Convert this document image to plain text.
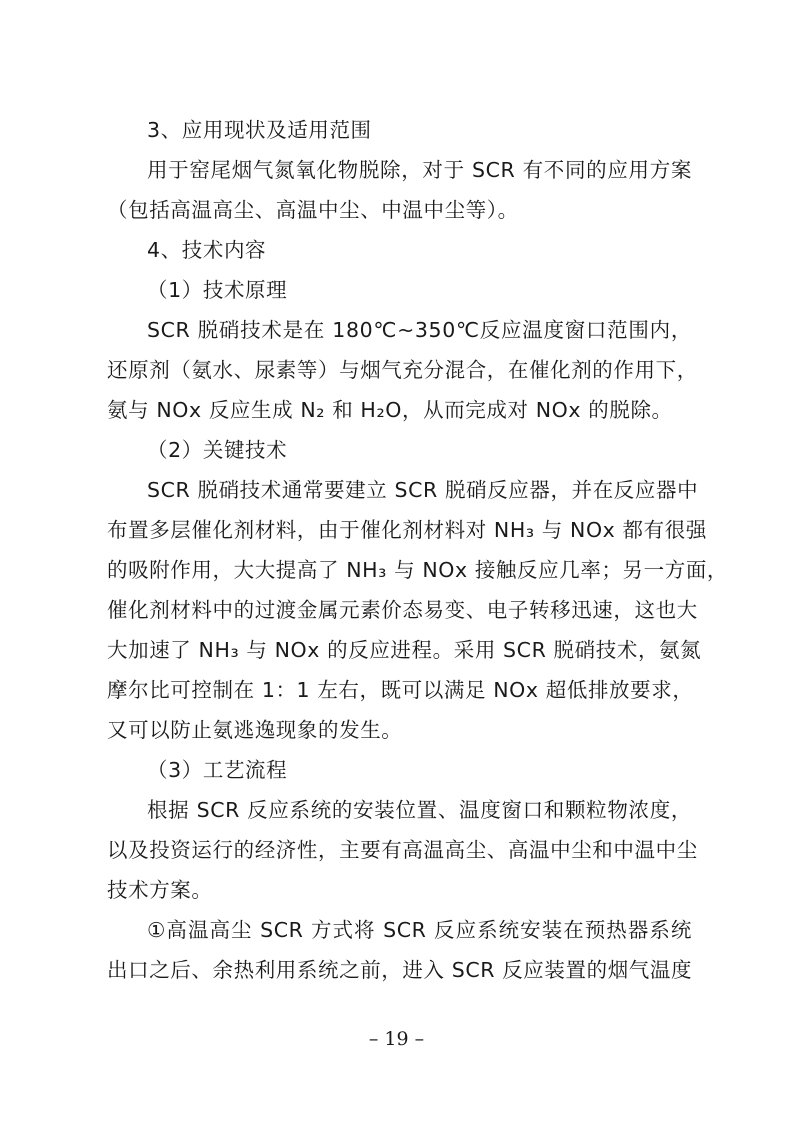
3、应用现状及适用范围
用于窑尾烟气氮氧化物脱除，对于 SCR 有不同的应用方案
（包括高温高尘、高温中尘、中温中尘等）。
4、技术内容
（1）技术原理
SCR 脱硝技术是在 180℃~350℃反应温度窗口范围内，
还原剂（氨水、尿素等）与烟气充分混合，在催化剂的作用下，
氨与 NOx 反应生成 N₂ 和 H₂O，从而完成对 NOx 的脱除。
（2）关键技术
SCR 脱硝技术通常要建立 SCR 脱硝反应器，并在反应器中
布置多层催化剂材料，由于催化剂材料对 NH₃ 与 NOx 都有很强
的吸附作用，大大提高了 NH₃ 与 NOx 接触反应几率；另一方面，
催化剂材料中的过渡金属元素价态易变、电子转移迅速，这也大
大加速了 NH₃ 与 NOx 的反应进程。采用 SCR 脱硝技术，氨氮
摩尔比可控制在 1：1 左右，既可以满足 NOx 超低排放要求，
又可以防止氨逃逸现象的发生。
（3）工艺流程
根据 SCR 反应系统的安装位置、温度窗口和颗粒物浓度，
以及投资运行的经济性，主要有高温高尘、高温中尘和中温中尘
技术方案。
①高温高尘 SCR 方式将 SCR 反应系统安装在预热器系统
出口之后、余热利用系统之前，进入 SCR 反应装置的烟气温度
– 19 –
